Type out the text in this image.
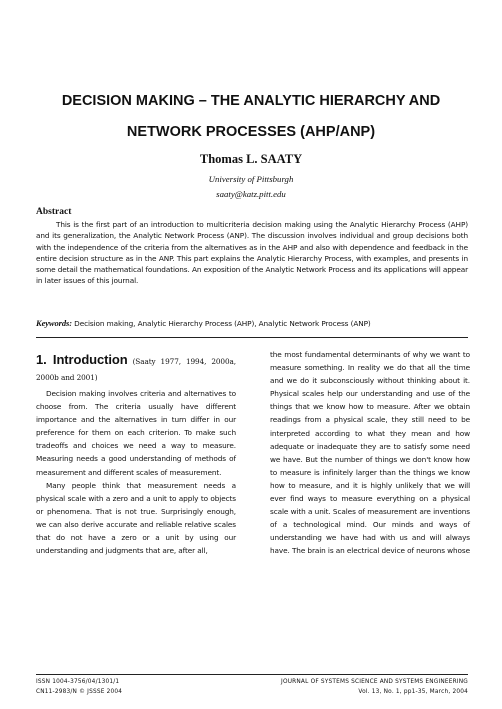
DECISION MAKING – THE ANALYTIC HIERARCHY AND
NETWORK PROCESSES (AHP/ANP)
Thomas L. SAATY
University of Pittsburgh
saaty@katz.pitt.edu
Abstract

This is the first part of an introduction to multicriteria decision making using the Analytic Hierarchy Process (AHP) and its generalization, the Analytic Network Process (ANP). The discussion involves individual and group decisions both with the independence of the criteria from the alternatives as in the AHP and also with dependence and feedback in the entire decision structure as in the ANP. This part explains the Analytic Hierarchy Process, with examples, and presents in some detail the mathematical foundations. An exposition of the Analytic Network Process and its applications will appear in later issues of this journal.

Keywords: Decision making, Analytic Hierarchy Process (AHP), Analytic Network Process (ANP)
1. Introduction (Saaty 1977, 1994, 2000a, 2000b and 2001)

Decision making involves criteria and alternatives to choose from. The criteria usually have different importance and the alternatives in turn differ in our preference for them on each criterion. To make such tradeoffs and choices we need a way to measure. Measuring needs a good understanding of methods of measurement and different scales of measurement.

Many people think that measurement needs a physical scale with a zero and a unit to apply to objects or phenomena. That is not true. Surprisingly enough, we can also derive accurate and reliable relative scales that do not have a zero or a unit by using our understanding and judgments that are, after all,

the most fundamental determinants of why we want to measure something. In reality we do that all the time and we do it subconsciously without thinking about it. Physical scales help our understanding and use of the things that we know how to measure. After we obtain readings from a physical scale, they still need to be interpreted according to what they mean and how adequate or inadequate they are to satisfy some need we have. But the number of things we don't know how to measure is infinitely larger than the things we know how to measure, and it is highly unlikely that we will ever find ways to measure everything on a physical scale with a unit. Scales of measurement are inventions of a technological mind. Our minds and ways of understanding we have had with us and will always have. The brain is an electrical device of neurons whose

ISSN 1004-3756/04/1301/1
CN11-2983/N © JSSSE 2004
JOURNAL OF SYSTEMS SCIENCE AND SYSTEMS ENGINEERING
Vol. 13, No. 1, pp1-35, March, 2004
